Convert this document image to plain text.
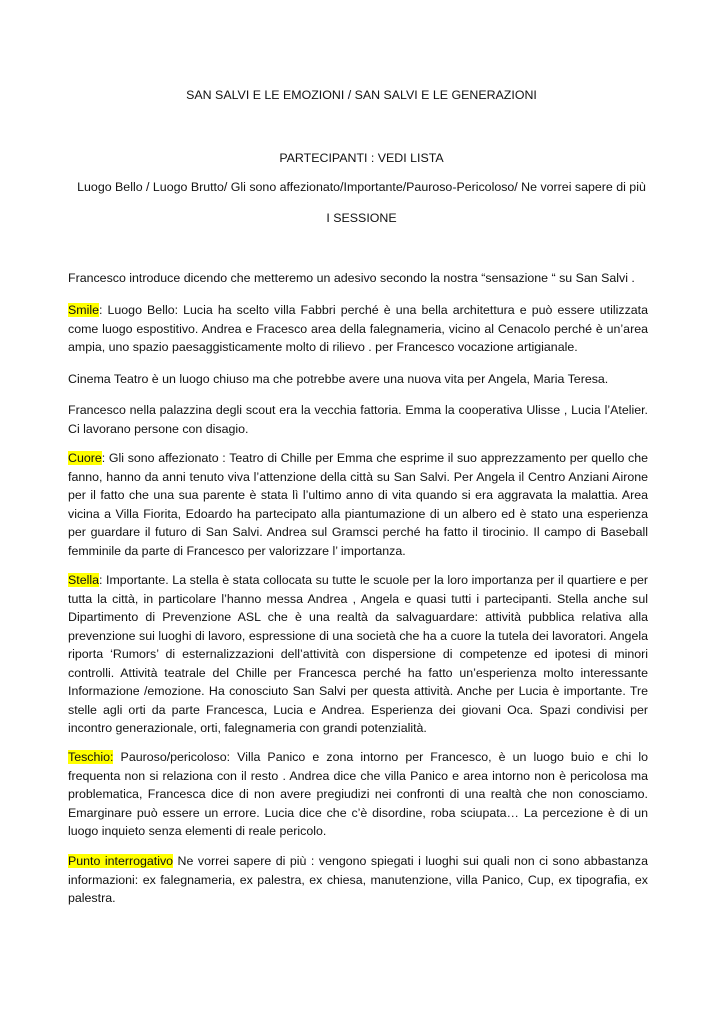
SAN SALVI E LE EMOZIONI / SAN SALVI E LE GENERAZIONI
PARTECIPANTI : VEDI LISTA
Luogo Bello / Luogo Brutto/ Gli sono affezionato/Importante/Pauroso-Pericoloso/ Ne vorrei sapere di più
I SESSIONE

Francesco introduce dicendo che metteremo un adesivo secondo la nostra “sensazione “ su San Salvi .

Smile: Luogo Bello: Lucia ha scelto villa Fabbri perché è una bella architettura e può essere utilizzata come luogo espostitivo. Andrea e Fracesco area della falegnameria, vicino al Cenacolo perché è un’area ampia, uno spazio paesaggisticamente molto di rilievo . per Francesco vocazione artigianale.

Cinema Teatro è un luogo chiuso ma che potrebbe avere una nuova vita per Angela, Maria Teresa.

Francesco nella palazzina degli scout era la vecchia fattoria. Emma la cooperativa Ulisse , Lucia l’Atelier. Ci lavorano persone con disagio.

Cuore: Gli sono affezionato : Teatro di Chille per Emma che esprime il suo apprezzamento per quello che fanno, hanno da anni tenuto viva l’attenzione della città su San Salvi. Per Angela il Centro Anziani Airone per il fatto che una sua parente è stata lì l’ultimo anno di vita quando si era aggravata la malattia. Area vicina a Villa Fiorita, Edoardo ha partecipato alla piantumazione di un albero ed è stato una esperienza per guardare il futuro di San Salvi. Andrea sul Gramsci perché ha fatto il tirocinio. Il campo di Baseball femminile da parte di Francesco per valorizzare l’ importanza.

Stella: Importante. La stella è stata collocata su tutte le scuole per la loro importanza per il quartiere e per tutta la città, in particolare l’hanno messa Andrea , Angela e quasi tutti i partecipanti. Stella anche sul Dipartimento di Prevenzione ASL che è una realtà da salvaguardare: attività pubblica relativa alla prevenzione sui luoghi di lavoro, espressione di una società che ha a cuore la tutela dei lavoratori. Angela riporta ‘Rumors’ di esternalizzazioni dell’attività con dispersione di competenze ed ipotesi di minori controlli. Attività teatrale del Chille per Francesca perché ha fatto un’esperienza molto interessante Informazione /emozione. Ha conosciuto San Salvi per questa attività. Anche per Lucia è importante. Tre stelle agli orti da parte Francesca, Lucia e Andrea. Esperienza dei giovani Oca. Spazi condivisi per incontro generazionale, orti, falegnameria con grandi potenzialità.

Teschio: Pauroso/pericoloso: Villa Panico e zona intorno per Francesco, è un luogo buio e chi lo frequenta non si relaziona con il resto . Andrea dice che villa Panico e area intorno non è pericolosa ma problematica, Francesca dice di non avere pregiudizi nei confronti di una realtà che non conosciamo. Emarginare può essere un errore. Lucia dice che c’è disordine, roba sciupata… La percezione è di un luogo inquieto senza elementi di reale pericolo.

Punto interrogativo Ne vorrei sapere di più : vengono spiegati i luoghi sui quali non ci sono abbastanza informazioni: ex falegnameria, ex palestra, ex chiesa, manutenzione, villa Panico, Cup, ex tipografia, ex palestra.
